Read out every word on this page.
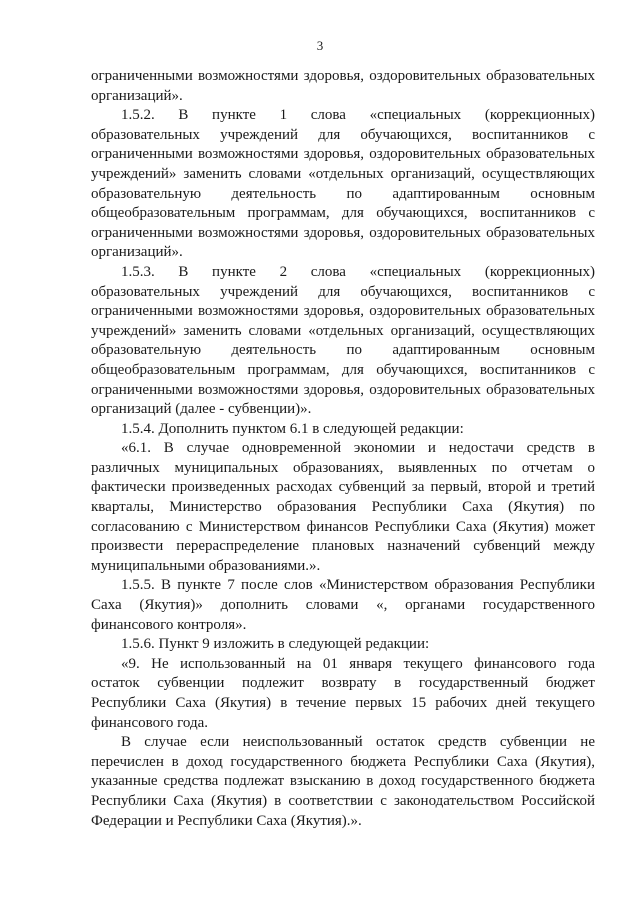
3
ограниченными возможностями здоровья, оздоровительных образовательных
организаций».
1.5.2. В пункте 1 слова «специальных (коррекционных)
образовательных учреждений для обучающихся, воспитанников с
ограниченными возможностями здоровья, оздоровительных образовательных
учреждений» заменить словами «отдельных организаций, осуществляющих
образовательную деятельность по адаптированным основным
общеобразовательным программам, для обучающихся, воспитанников с
ограниченными возможностями здоровья, оздоровительных образовательных
организаций».
1.5.3. В пункте 2 слова «специальных (коррекционных)
образовательных учреждений для обучающихся, воспитанников с
ограниченными возможностями здоровья, оздоровительных образовательных
учреждений» заменить словами «отдельных организаций, осуществляющих
образовательную деятельность по адаптированным основным
общеобразовательным программам, для обучающихся, воспитанников с
ограниченными возможностями здоровья, оздоровительных образовательных
организаций (далее - субвенции)».
1.5.4. Дополнить пунктом 6.1 в следующей редакции:
«6.1. В случае одновременной экономии и недостачи средств в
различных муниципальных образованиях, выявленных по отчетам о
фактически произведенных расходах субвенций за первый, второй и третий
кварталы, Министерство образования Республики Саха (Якутия) по
согласованию с Министерством финансов Республики Саха (Якутия) может
произвести перераспределение плановых назначений субвенций между
муниципальными образованиями.».
1.5.5. В пункте 7 после слов «Министерством образования Республики
Саха (Якутия)» дополнить словами «, органами государственного
финансового контроля».
1.5.6. Пункт 9 изложить в следующей редакции:
«9. Не использованный на 01 января текущего финансового года
остаток субвенции подлежит возврату в государственный бюджет
Республики Саха (Якутия) в течение первых 15 рабочих дней текущего
финансового года.
В случае если неиспользованный остаток средств субвенции не
перечислен в доход государственного бюджета Республики Саха (Якутия),
указанные средства подлежат взысканию в доход государственного бюджета
Республики Саха (Якутия) в соответствии с законодательством Российской
Федерации и Республики Саха (Якутия).».
